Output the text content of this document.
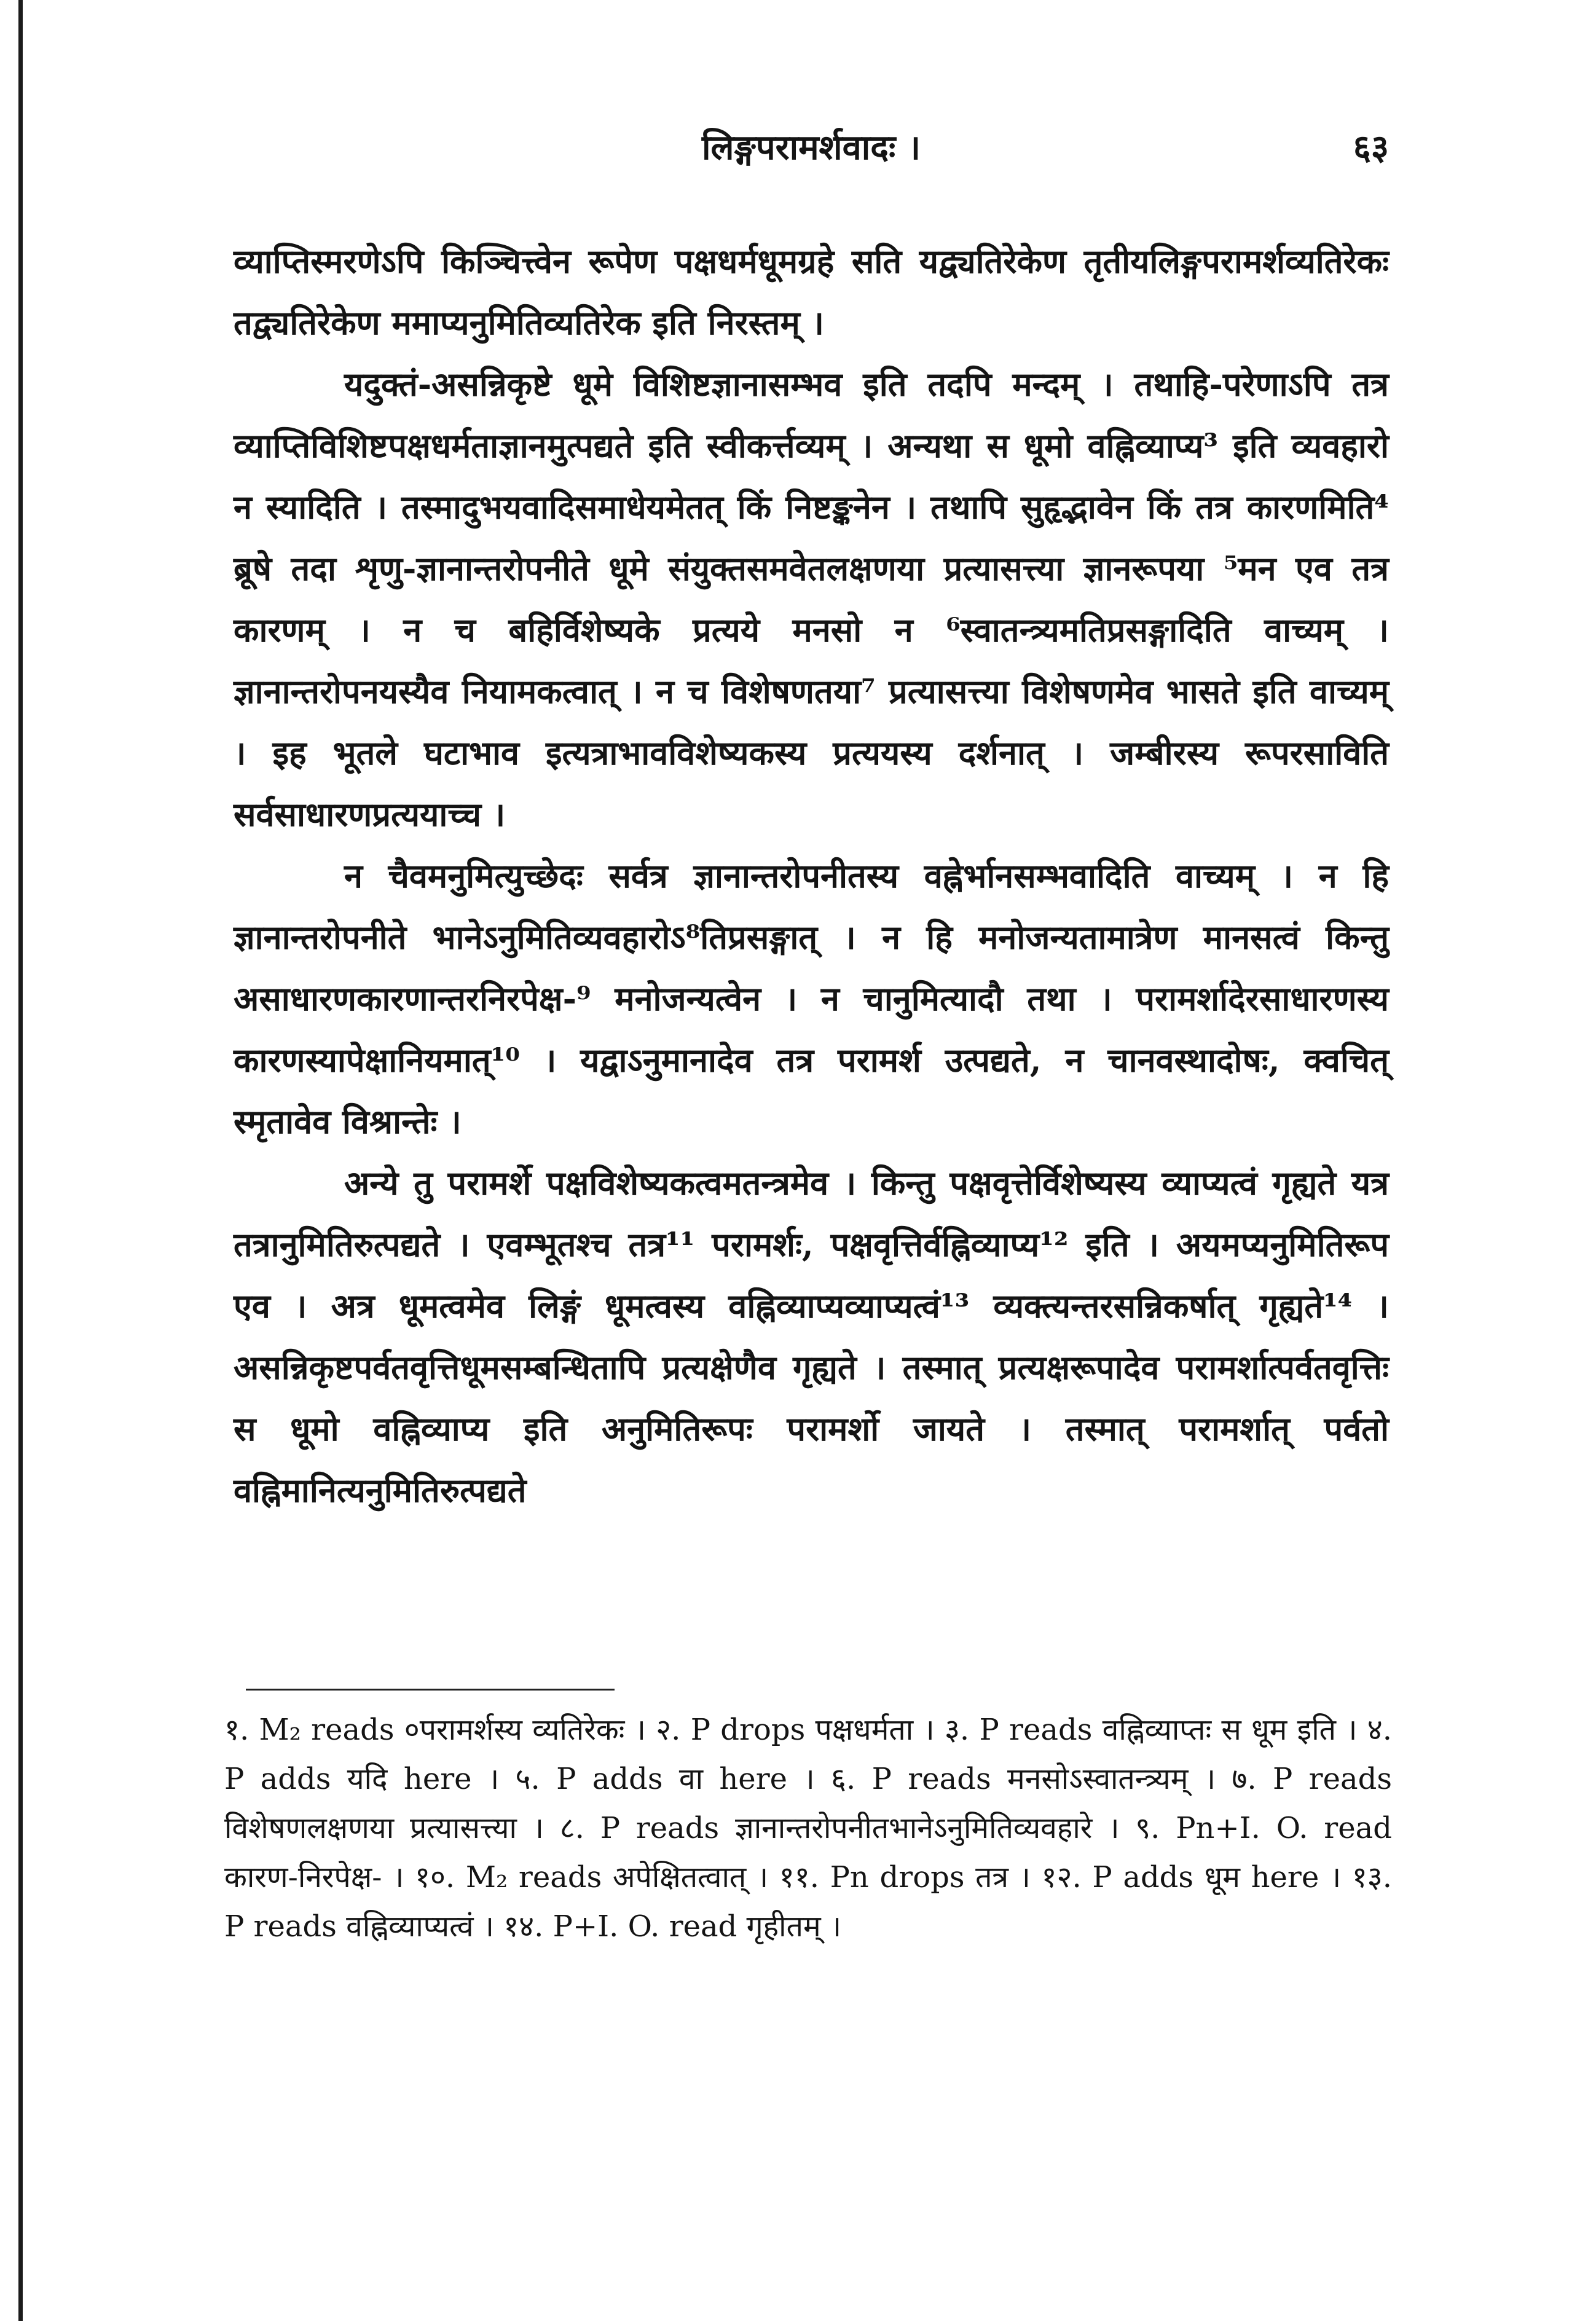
लिङ्गपरामर्शवादः ।	६३

व्याप्तिस्मरणेऽपि किञ्चित्त्वेन रूपेण पक्षधर्मधूमग्रहे सति यद्व्यतिरेकेण तृतीयलिङ्गपरामर्शव्यतिरेकः तद्व्यतिरेकेण ममाप्यनुमितिव्यतिरेक इति निरस्तम् ।

यदुक्तं-असन्निकृष्टे धूमे विशिष्टज्ञानासम्भव इति तदपि मन्दम् । तथाहि-परेणाऽपि तत्र व्याप्तिविशिष्टपक्षधर्मताज्ञानमुत्पद्यते इति स्वीकर्त्तव्यम् । अन्यथा स धूमो वह्निव्याप्य³ इति व्यवहारो न स्यादिति । तस्मादुभयवादिसमाधेयमेतत् किं निष्टङ्कनेन । तथापि सुहृद्भावेन किं तत्र कारणमिति⁴ ब्रूषे तदा शृणु-ज्ञानान्तरोपनीते धूमे संयुक्तसमवेतलक्षणया प्रत्यासत्त्या ज्ञानरूपया ⁵मन एव तत्र कारणम् । न च बहिर्विशेष्यके प्रत्यये मनसो न ⁶स्वातन्त्र्यमतिप्रसङ्गादिति वाच्यम् । ज्ञानान्तरोपनयस्यैव नियामकत्वात् । न च विशेषणतया⁷ प्रत्यासत्त्या विशेषणमेव भासते इति वाच्यम् । इह भूतले घटाभाव इत्यत्राभावविशेष्यकस्य प्रत्ययस्य दर्शनात् । जम्बीरस्य रूपरसाविति सर्वसाधारणप्रत्ययाच्च ।

न चैवमनुमित्युच्छेदः सर्वत्र ज्ञानान्तरोपनीतस्य वह्नेर्भानसम्भवादिति वाच्यम् । न हि ज्ञानान्तरोपनीते भानेऽनुमितिव्यवहारोऽ⁸तिप्रसङ्गात् । न हि मनोजन्यतामात्रेण मानसत्वं किन्तु असाधारणकारणान्तरनिरपेक्ष-⁹ मनोजन्यत्वेन । न चानुमित्यादौ तथा । परामर्शादेरसाधारणस्य कारणस्यापेक्षानियमात्¹⁰ । यद्वाऽनुमानादेव तत्र परामर्श उत्पद्यते, न चानवस्थादोषः, क्वचित् स्मृतावेव विश्रान्तेः ।

अन्ये तु परामर्शे पक्षविशेष्यकत्वमतन्त्रमेव । किन्तु पक्षवृत्तेर्विशेष्यस्य व्याप्यत्वं गृह्यते यत्र तत्रानुमितिरुत्पद्यते । एवम्भूतश्च तत्र¹¹ परामर्शः, पक्षवृत्तिर्वह्निव्याप्य¹² इति । अयमप्यनुमितिरूप एव । अत्र धूमत्वमेव लिङ्गं धूमत्वस्य वह्निव्याप्यव्याप्यत्वं¹³ व्यक्त्यन्तरसन्निकर्षात् गृह्यते¹⁴ । असन्निकृष्टपर्वतवृत्तिधूमसम्बन्धितापि प्रत्यक्षेणैव गृह्यते । तस्मात् प्रत्यक्षरूपादेव परामर्शात्पर्वतवृत्तिः स धूमो वह्निव्याप्य इति अनुमितिरूपः परामर्शो जायते । तस्मात् परामर्शात् पर्वतो वह्निमानित्यनुमितिरुत्पद्यते

१. M₂ reads ०परामर्शस्य व्यतिरेकः । २. P drops पक्षधर्मता । ३. P reads वह्निव्याप्तः स धूम इति । ४. P adds यदि here । ५. P adds वा here । ६. P reads मनसोऽस्वातन्त्र्यम् । ७. P reads विशेषणलक्षणया प्रत्यासत्त्या । ८. P reads ज्ञानान्तरोपनीतभानेऽनुमितिव्यवहारे । ९. Pn+I. O. read कारण-निरपेक्ष- । १०. M₂ reads अपेक्षितत्वात् । ११. Pn drops तत्र । १२. P adds धूम here । १३. P reads वह्निव्याप्यत्वं । १४. P+I. O. read गृहीतम् ।
